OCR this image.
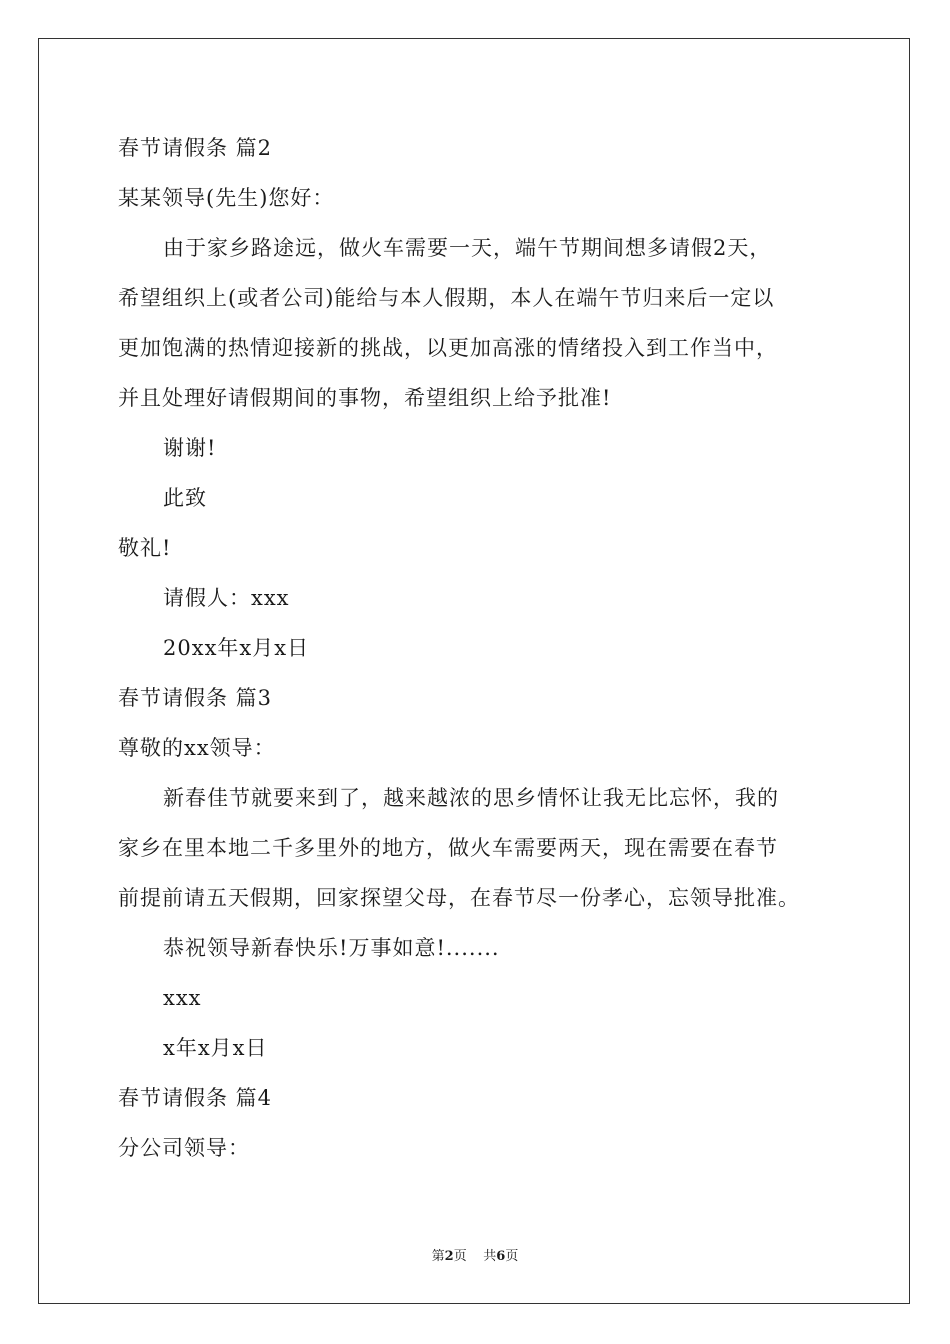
春节请假条 篇2
某某领导(先生)您好：
由于家乡路途远，做火车需要一天，端午节期间想多请假2天，
希望组织上(或者公司)能给与本人假期，本人在端午节归来后一定以
更加饱满的热情迎接新的挑战，以更加高涨的情绪投入到工作当中，
并且处理好请假期间的事物，希望组织上给予批准!
谢谢!
此致
敬礼!
请假人：xxx
20xx年x月x日
春节请假条 篇3
尊敬的xx领导：
新春佳节就要来到了，越来越浓的思乡情怀让我无比忘怀，我的
家乡在里本地二千多里外的地方，做火车需要两天，现在需要在春节
前提前请五天假期，回家探望父母，在春节尽一份孝心，忘领导批准。
恭祝领导新春快乐!万事如意!.......
xxx
x年x月x日
春节请假条 篇4
分公司领导：
第2页 共6页
